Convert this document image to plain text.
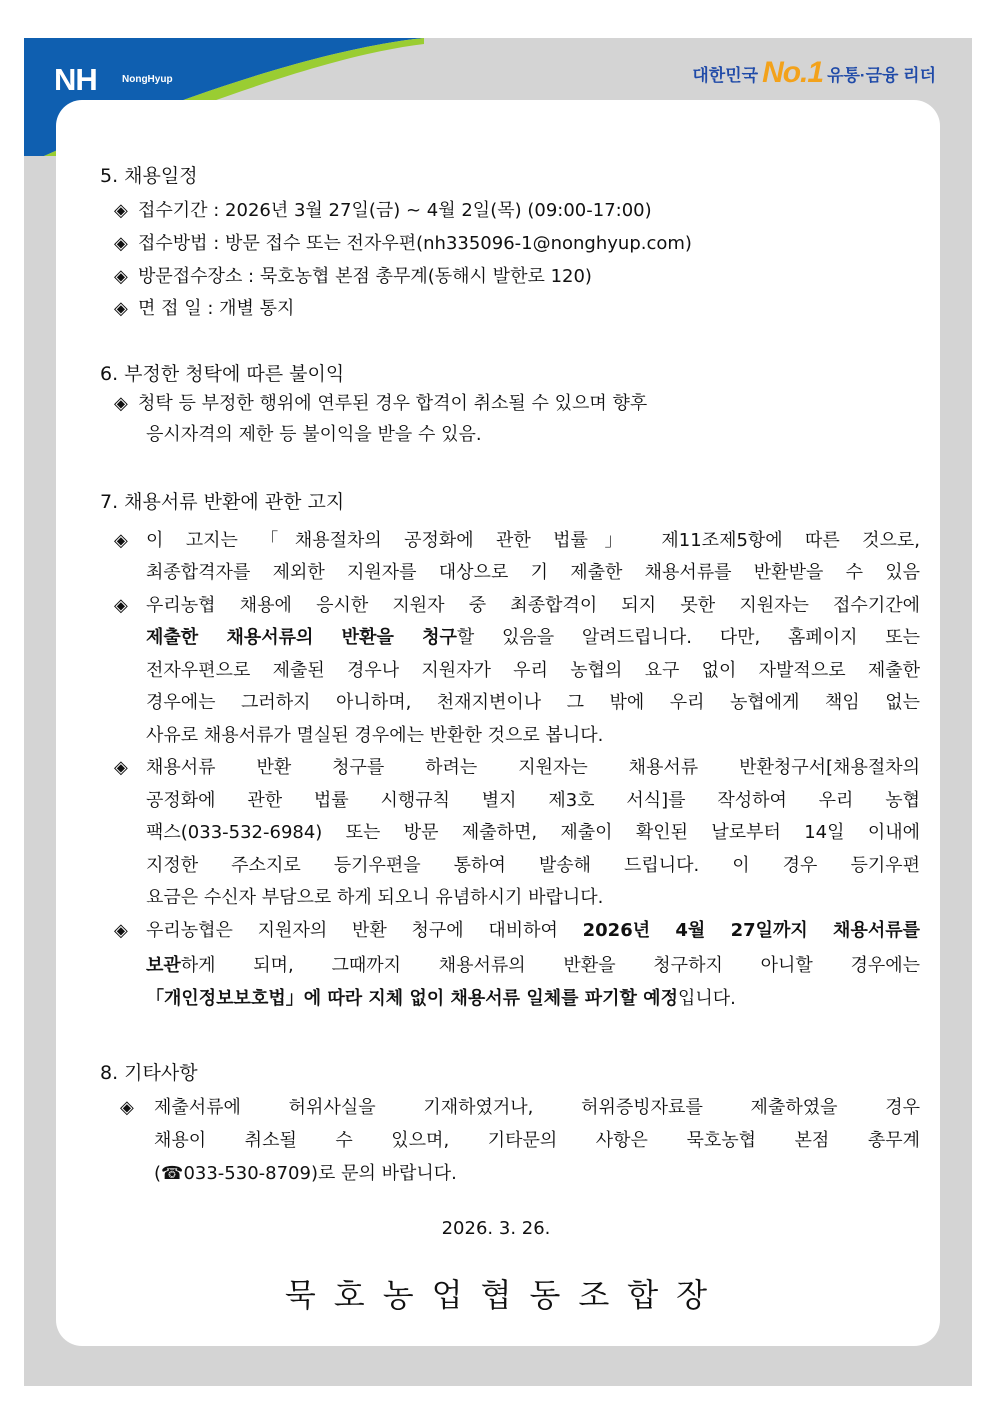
NH	NongHyup	대한민국 No.1 유통·금융 리더
5. 채용일정
◈ 접수기간 : 2026년 3월 27일(금) ~ 4월 2일(목) (09:00-17:00)
◈ 접수방법 : 방문 접수 또는 전자우편(nh335096-1@nonghyup.com)
◈ 방문접수장소 : 묵호농협 본점 총무계(동해시 발한로 120)
◈ 면 접 일 : 개별 통지
6. 부정한 청탁에 따른 불이익
◈ 청탁 등 부정한 행위에 연루된 경우 합격이 취소될 수 있으며 향후
응시자격의 제한 등 불이익을 받을 수 있음.
7. 채용서류 반환에 관한 고지
◈ 이 고지는 「채용절차의 공정화에 관한 법률」 제11조제5항에 따른 것으로,
최종합격자를 제외한 지원자를 대상으로 기 제출한 채용서류를 반환받을 수 있음
◈ 우리농협 채용에 응시한 지원자 중 최종합격이 되지 못한 지원자는 접수기간에
제출한 채용서류의 반환을 청구할 있음을 알려드립니다. 다만, 홈페이지 또는
전자우편으로 제출된 경우나 지원자가 우리 농협의 요구 없이 자발적으로 제출한
경우에는 그러하지 아니하며, 천재지변이나 그 밖에 우리 농협에게 책임 없는
사유로 채용서류가 멸실된 경우에는 반환한 것으로 봅니다.
◈ 채용서류 반환 청구를 하려는 지원자는 채용서류 반환청구서[채용절차의
공정화에 관한 법률 시행규칙 별지 제3호 서식]를 작성하여 우리 농협
팩스(033-532-6984) 또는 방문 제출하면, 제출이 확인된 날로부터 14일 이내에
지정한 주소지로 등기우편을 통하여 발송해 드립니다. 이 경우 등기우편
요금은 수신자 부담으로 하게 되오니 유념하시기 바랍니다.
◈ 우리농협은 지원자의 반환 청구에 대비하여 2026년 4월 27일까지 채용서류를
보관하게 되며, 그때까지 채용서류의 반환을 청구하지 아니할 경우에는
「개인정보보호법」에 따라 지체 없이 채용서류 일체를 파기할 예정입니다.
8. 기타사항
◈ 제출서류에 허위사실을 기재하였거나, 허위증빙자료를 제출하였을 경우
채용이 취소될 수 있으며, 기타문의 사항은 묵호농협 본점 총무계
(☎033-530-8709)로 문의 바랍니다.
2026. 3. 26.
묵호농업협동조합장
